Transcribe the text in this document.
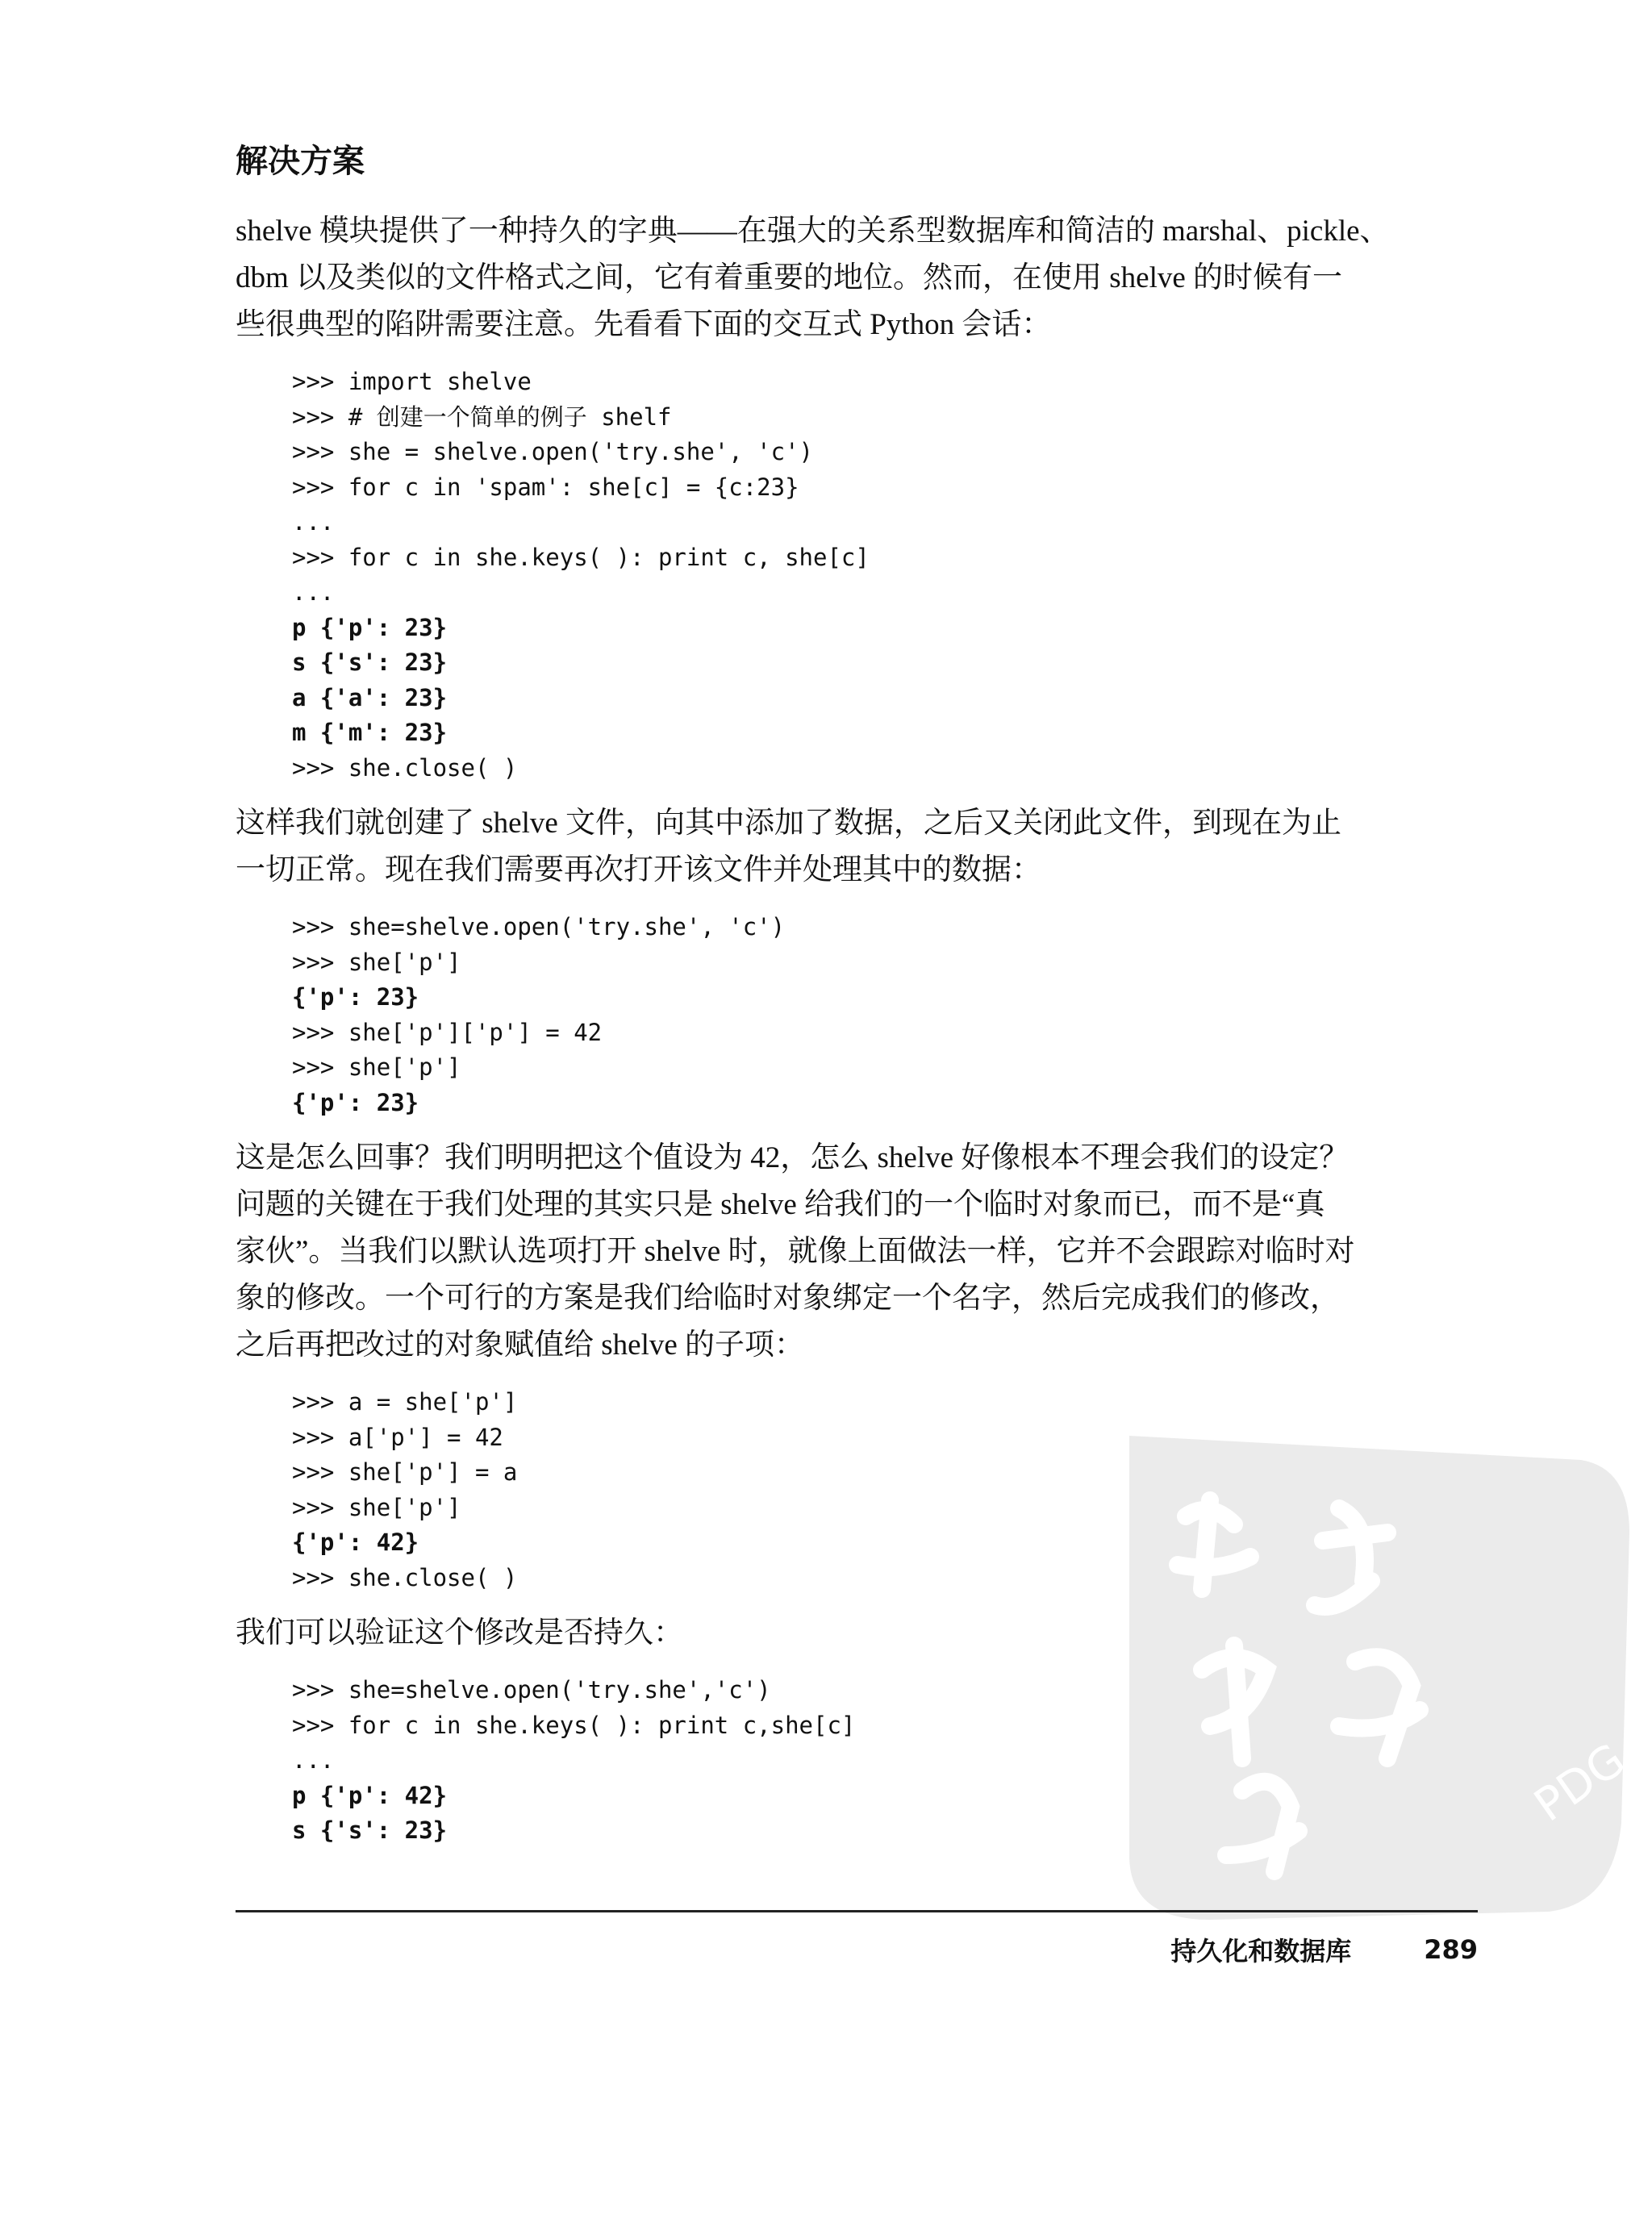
解决方案
shelve 模块提供了一种持久的字典——在强大的关系型数据库和简洁的 marshal、pickle、
dbm 以及类似的文件格式之间，它有着重要的地位。然而，在使用 shelve 的时候有一
些很典型的陷阱需要注意。先看看下面的交互式 Python 会话：
>>> import shelve
>>> # 创建一个简单的例子 shelf
>>> she = shelve.open('try.she', 'c')
>>> for c in 'spam': she[c] = {c:23}
...
>>> for c in she.keys( ): print c, she[c]
...
p {'p': 23}
s {'s': 23}
a {'a': 23}
m {'m': 23}
>>> she.close( )
这样我们就创建了 shelve 文件，向其中添加了数据，之后又关闭此文件，到现在为止
一切正常。现在我们需要再次打开该文件并处理其中的数据：
>>> she=shelve.open('try.she', 'c')
>>> she['p']
{'p': 23}
>>> she['p']['p'] = 42
>>> she['p']
{'p': 23}
这是怎么回事？我们明明把这个值设为 42，怎么 shelve 好像根本不理会我们的设定？
问题的关键在于我们处理的其实只是 shelve 给我们的一个临时对象而已，而不是“真
家伙”。当我们以默认选项打开 shelve 时，就像上面做法一样，它并不会跟踪对临时对
象的修改。一个可行的方案是我们给临时对象绑定一个名字，然后完成我们的修改，
之后再把改过的对象赋值给 shelve 的子项：
>>> a = she['p']
>>> a['p'] = 42
>>> she['p'] = a
>>> she['p']
{'p': 42}
>>> she.close( )
我们可以验证这个修改是否持久：
>>> she=shelve.open('try.she','c')
>>> for c in she.keys( ): print c,she[c]
...
p {'p': 42}
s {'s': 23}	PDG
持久化和数据库	289
